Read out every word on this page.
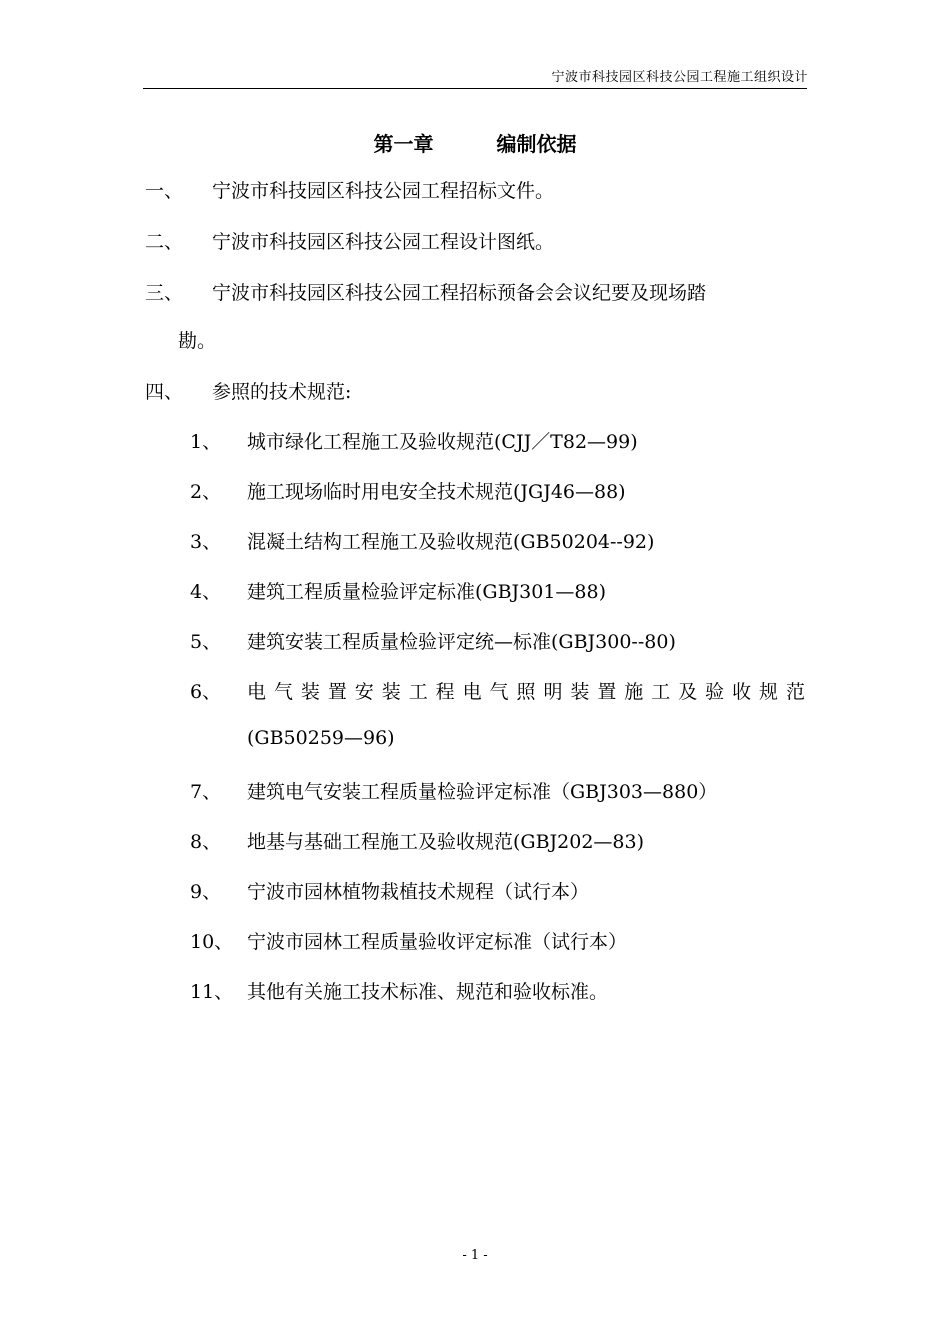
宁波市科技园区科技公园工程施工组织设计
第一章	编制依据
一、 宁波市科技园区科技公园工程招标文件。
二、 宁波市科技园区科技公园工程设计图纸。
三、 宁波市科技园区科技公园工程招标预备会会议纪要及现场踏
勘。
四、 参照的技术规范:
1、 城市绿化工程施工及验收规范(CJJ／T82—99)
2、 施工现场临时用电安全技术规范(JGJ46—88)
3、 混凝土结构工程施工及验收规范(GB50204--92)
4、 建筑工程质量检验评定标准(GBJ301—88)
5、 建筑安装工程质量检验评定统—标准(GBJ300--80)
6、 电气装置安装工程电气照明装置施工及验收规范
(GB50259—96)
7、 建筑电气安装工程质量检验评定标准（GBJ303—880）
8、 地基与基础工程施工及验收规范(GBJ202—83)
9、 宁波市园林植物栽植技术规程（试行本）
10、 宁波市园林工程质量验收评定标准（试行本）
11、 其他有关施工技术标准、规范和验收标准。
- 1 -
